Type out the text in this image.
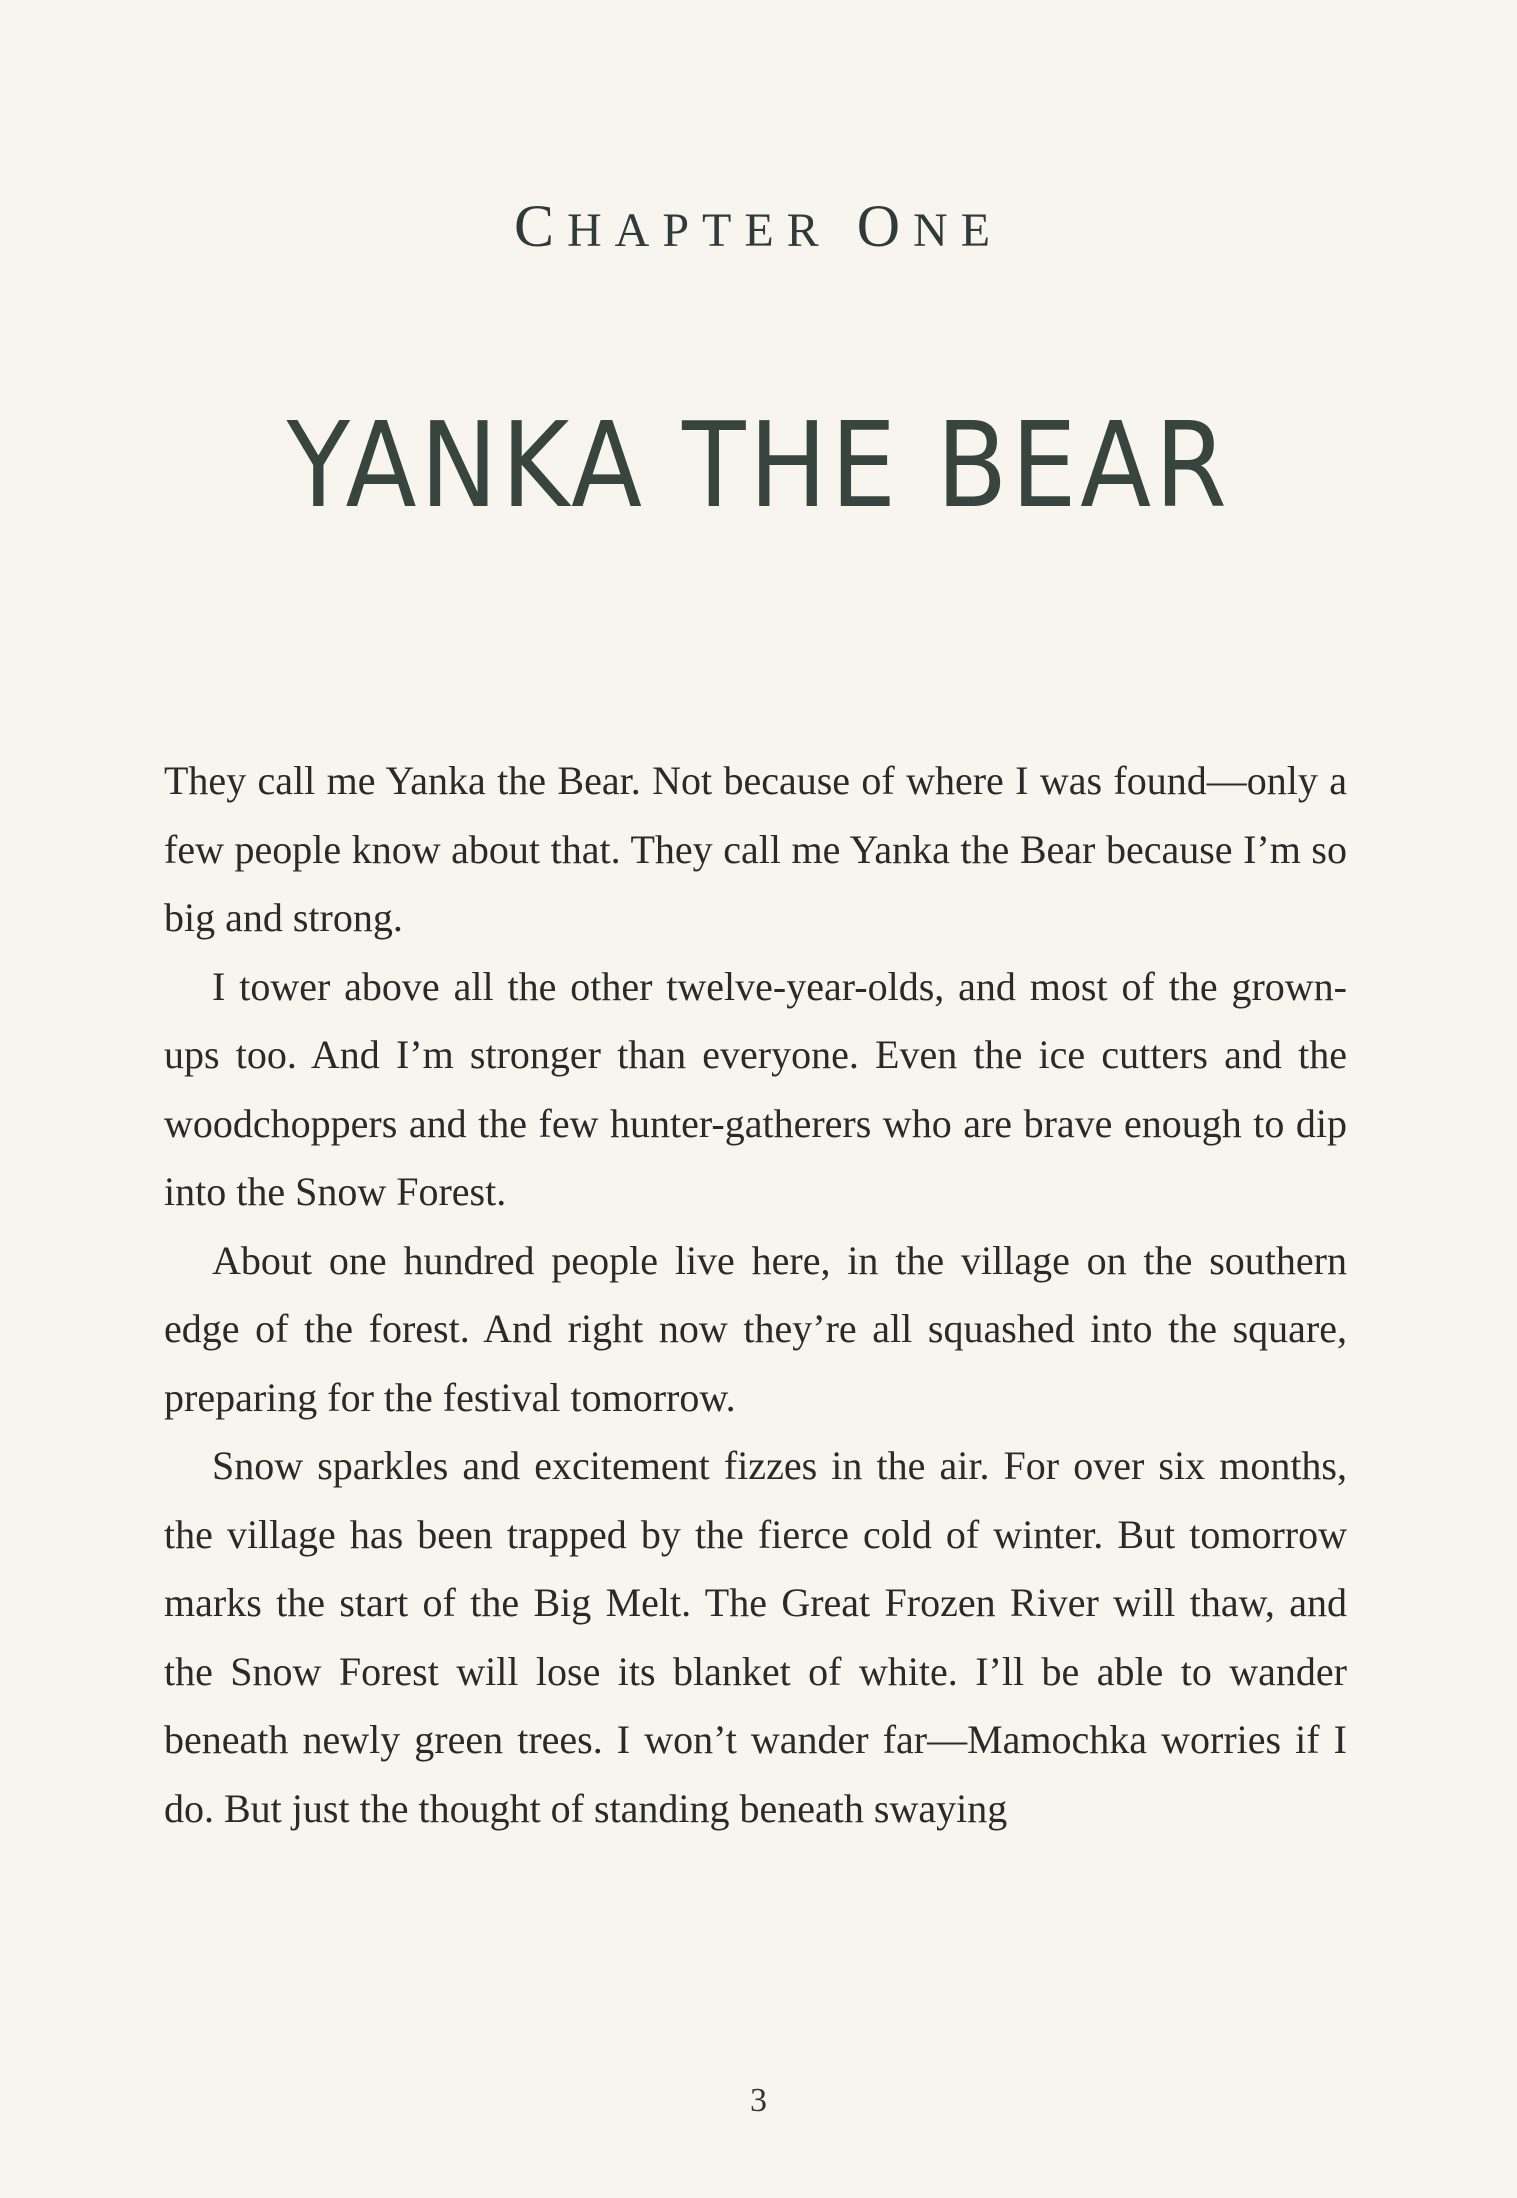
CHAPTER ONE
YANKA THE BEAR

They call me Yanka the Bear. Not because of where I was found—only a few people know about that. They call me Yanka the Bear because I’m so big and strong.

I tower above all the other twelve-year-olds, and most of the grown-ups too. And I’m stronger than everyone. Even the ice cutters and the woodchoppers and the few hunter-gatherers who are brave enough to dip into the Snow Forest.

About one hundred people live here, in the village on the southern edge of the forest. And right now they’re all squashed into the square, preparing for the festival tomorrow.

Snow sparkles and excitement fizzes in the air. For over six months, the village has been trapped by the fierce cold of winter. But tomorrow marks the start of the Big Melt. The Great Frozen River will thaw, and the Snow Forest will lose its blanket of white. I’ll be able to wander beneath newly green trees. I won’t wander far—Mamochka worries if I do. But just the thought of standing beneath swaying

3
